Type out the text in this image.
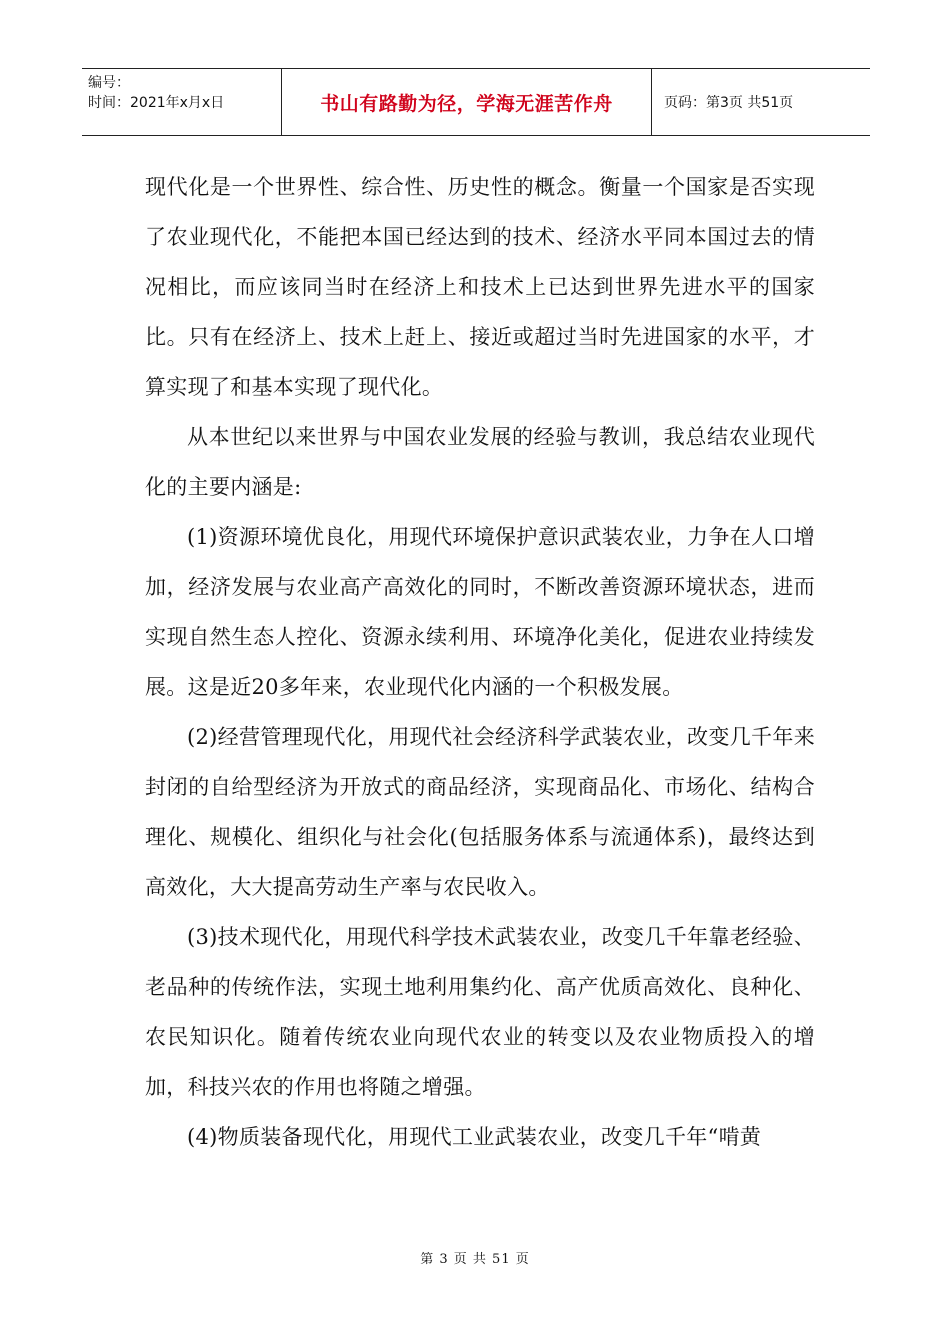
编号：
时间：2021年x月x日	书山有路勤为径，学海无涯苦作舟	页码：第3页 共51页

现代化是一个世界性、综合性、历史性的概念。衡量一个国家是否实现了农业现代化，不能把本国已经达到的技术、经济水平同本国过去的情况相比，而应该同当时在经济上和技术上已达到世界先进水平的国家比。只有在经济上、技术上赶上、接近或超过当时先进国家的水平，才算实现了和基本实现了现代化。

从本世纪以来世界与中国农业发展的经验与教训，我总结农业现代化的主要内涵是:

(1)资源环境优良化，用现代环境保护意识武装农业，力争在人口增加，经济发展与农业高产高效化的同时，不断改善资源环境状态，进而实现自然生态人控化、资源永续利用、环境净化美化，促进农业持续发展。这是近20多年来，农业现代化内涵的一个积极发展。

(2)经营管理现代化，用现代社会经济科学武装农业，改变几千年来封闭的自给型经济为开放式的商品经济，实现商品化、市场化、结构合理化、规模化、组织化与社会化(包括服务体系与流通体系)，最终达到高效化，大大提高劳动生产率与农民收入。

(3)技术现代化，用现代科学技术武装农业，改变几千年靠老经验、老品种的传统作法，实现土地利用集约化、高产优质高效化、良种化、农民知识化。随着传统农业向现代农业的转变以及农业物质投入的增加，科技兴农的作用也将随之增强。

(4)物质装备现代化，用现代工业武装农业，改变几千年“啃黄

第 3 页 共 51 页
